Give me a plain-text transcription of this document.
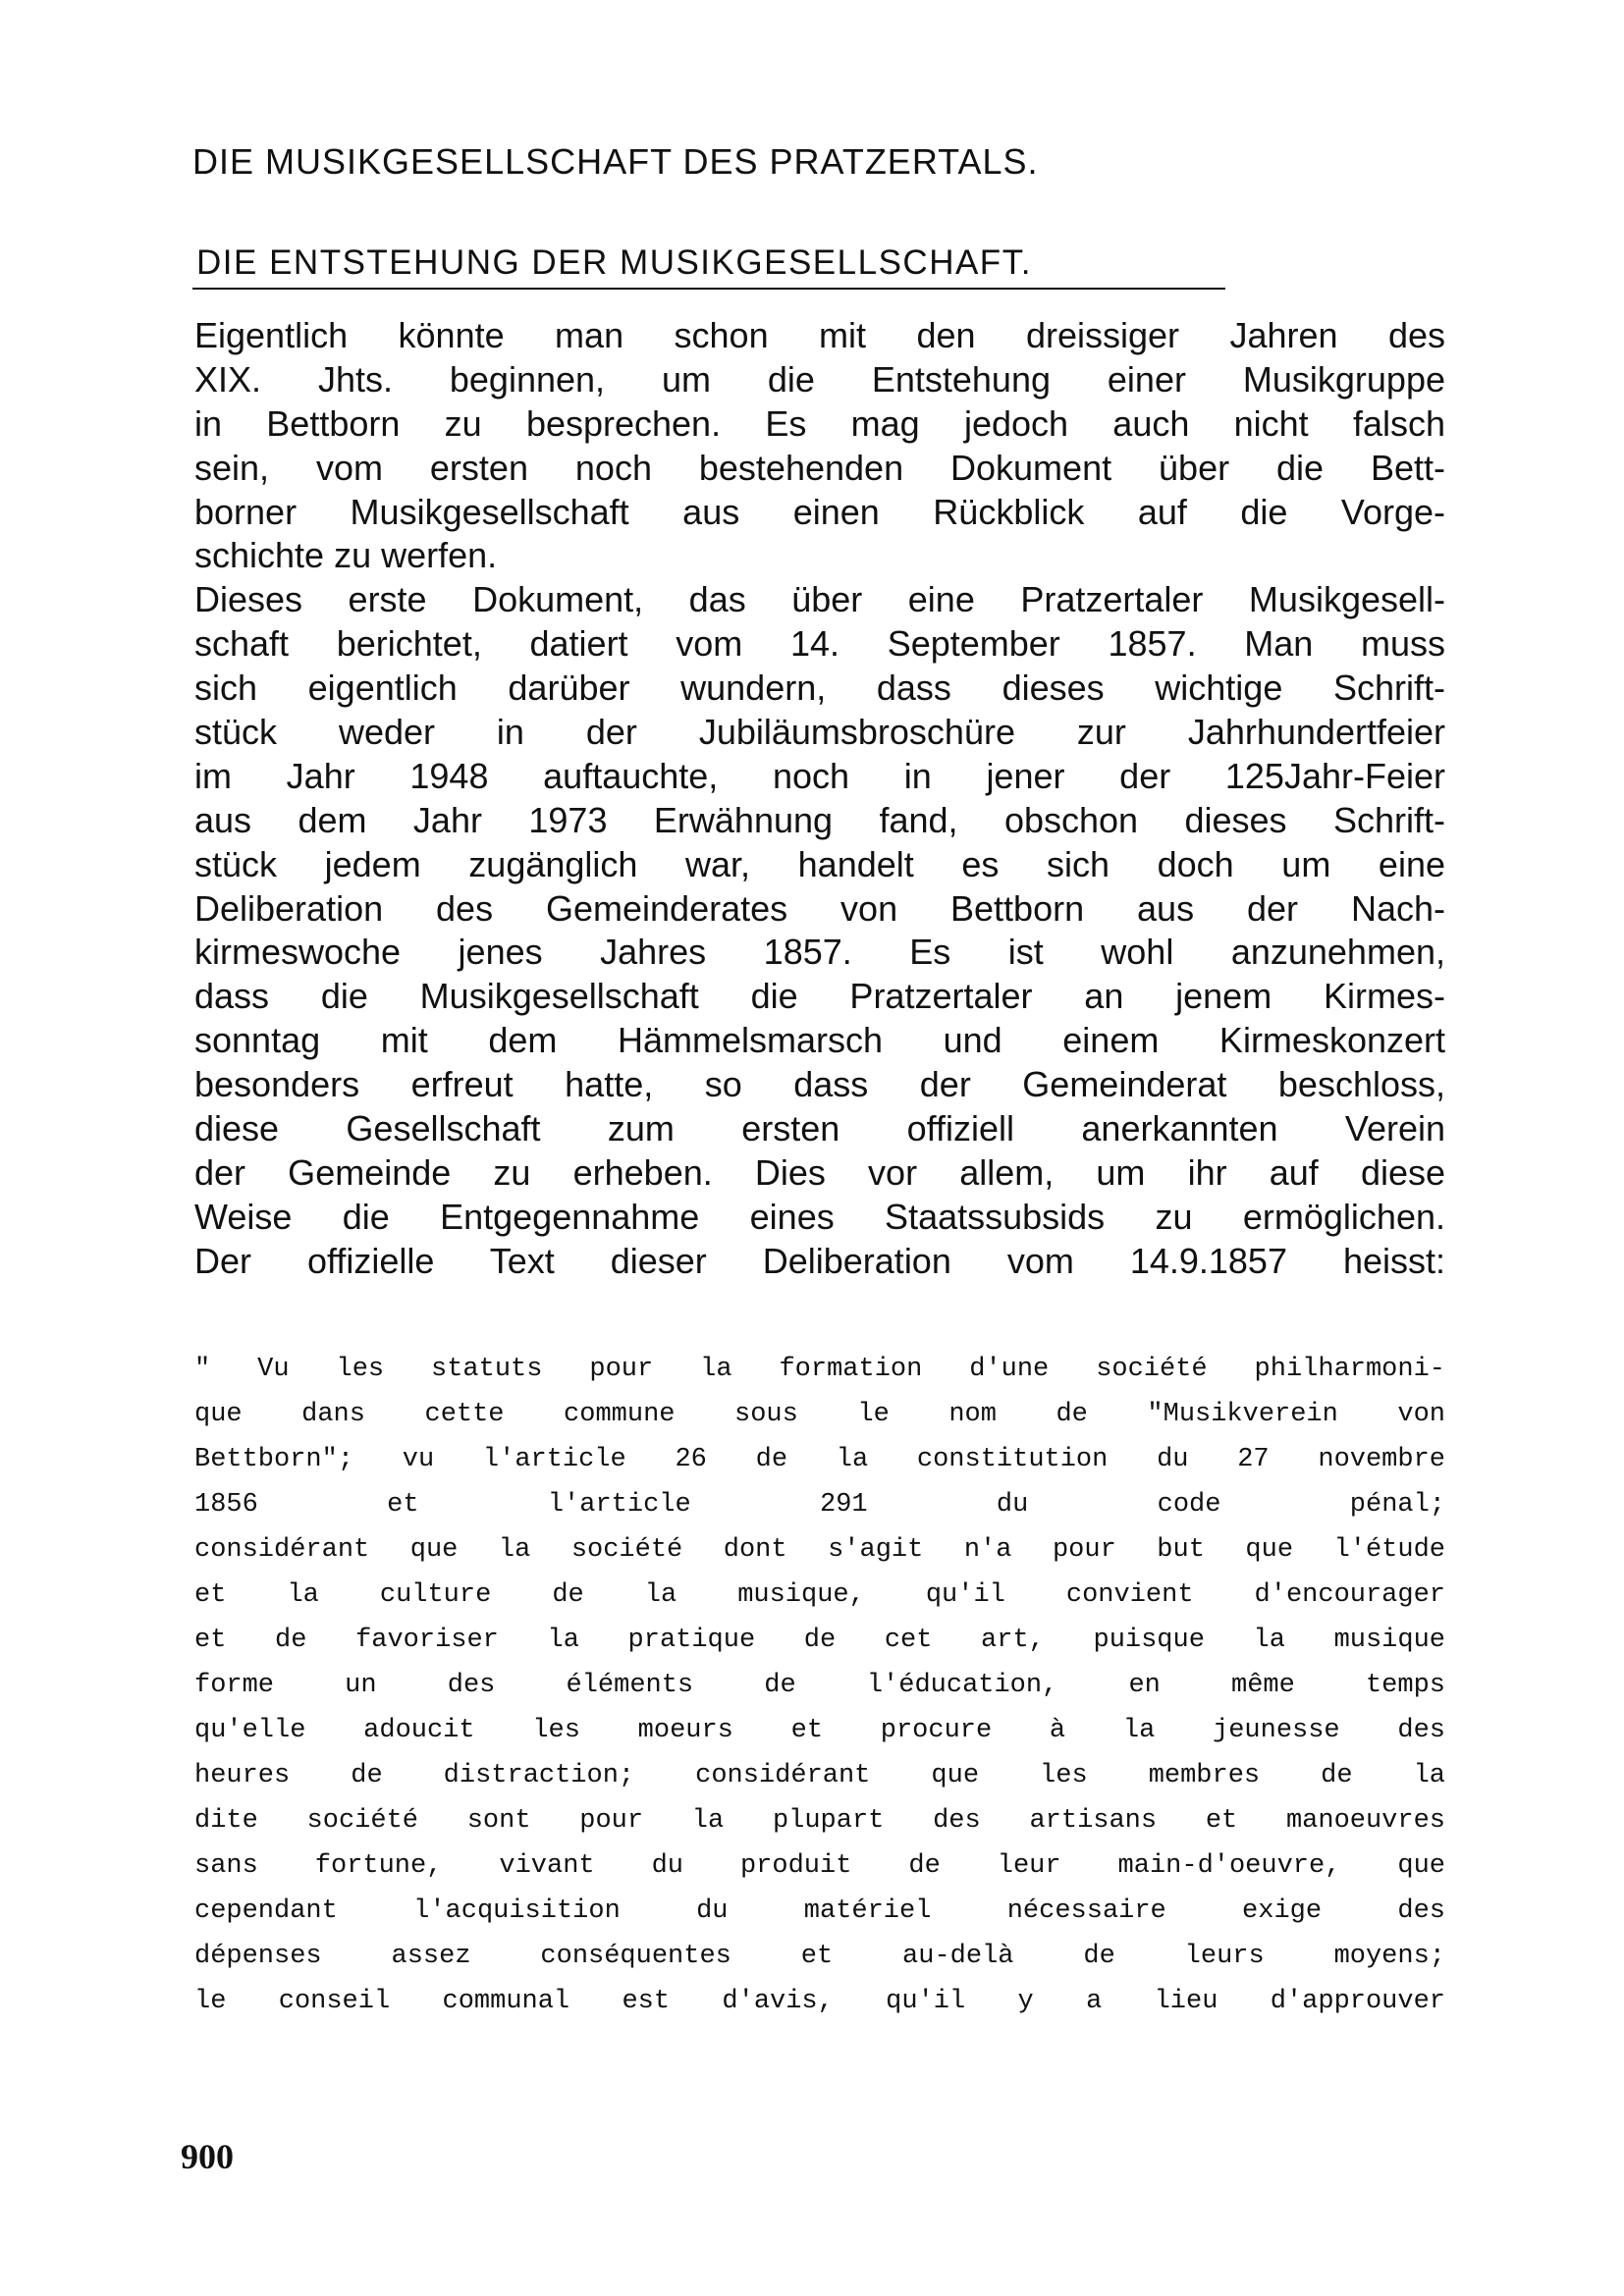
DIE MUSIKGESELLSCHAFT DES PRATZERTALS.
DIE ENTSTEHUNG DER MUSIKGESELLSCHAFT.
Eigentlich könnte man schon mit den dreissiger Jahren des
XIX. Jhts. beginnen, um die Entstehung einer Musikgruppe
in Bettborn zu besprechen. Es mag jedoch auch nicht falsch
sein, vom ersten noch bestehenden Dokument über die Bett-
borner Musikgesellschaft aus einen Rückblick auf die Vorge-
schichte zu werfen.
Dieses erste Dokument, das über eine Pratzertaler Musikgesell-
schaft berichtet, datiert vom 14. September 1857. Man muss
sich eigentlich darüber wundern, dass dieses wichtige Schrift-
stück weder in der Jubiläumsbroschüre zur Jahrhundertfeier
im Jahr 1948 auftauchte, noch in jener der 125Jahr-Feier
aus dem Jahr 1973 Erwähnung fand, obschon dieses Schrift-
stück jedem zugänglich war, handelt es sich doch um eine
Deliberation des Gemeinderates von Bettborn aus der Nach-
kirmeswoche jenes Jahres 1857. Es ist wohl anzunehmen,
dass die Musikgesellschaft die Pratzertaler an jenem Kirmes-
sonntag mit dem Hämmelsmarsch und einem Kirmeskonzert
besonders erfreut hatte, so dass der Gemeinderat beschloss,
diese Gesellschaft zum ersten offiziell anerkannten Verein
der Gemeinde zu erheben. Dies vor allem, um ihr auf diese
Weise die Entgegennahme eines Staatssubsids zu ermöglichen.
Der offizielle Text dieser Deliberation vom 14.9.1857 heisst:
" Vu les statuts pour la formation d'une société philharmoni-
que dans cette commune sous le nom de "Musikverein von
Bettborn"; vu l'article 26 de la constitution du 27 novembre
1856 et l'article 291 du code pénal;
considérant que la société dont s'agit n'a pour but que l'étude
et la culture de la musique, qu'il convient d'encourager
et de favoriser la pratique de cet art, puisque la musique
forme un des éléments de l'éducation, en même temps
qu'elle adoucit les moeurs et procure à la jeunesse des
heures de distraction; considérant que les membres de la
dite société sont pour la plupart des artisans et manoeuvres
sans fortune, vivant du produit de leur main-d'oeuvre, que
cependant l'acquisition du matériel nécessaire exige des
dépenses assez conséquentes et au-delà de leurs moyens;
le conseil communal est d'avis, qu'il y a lieu d'approuver
900
